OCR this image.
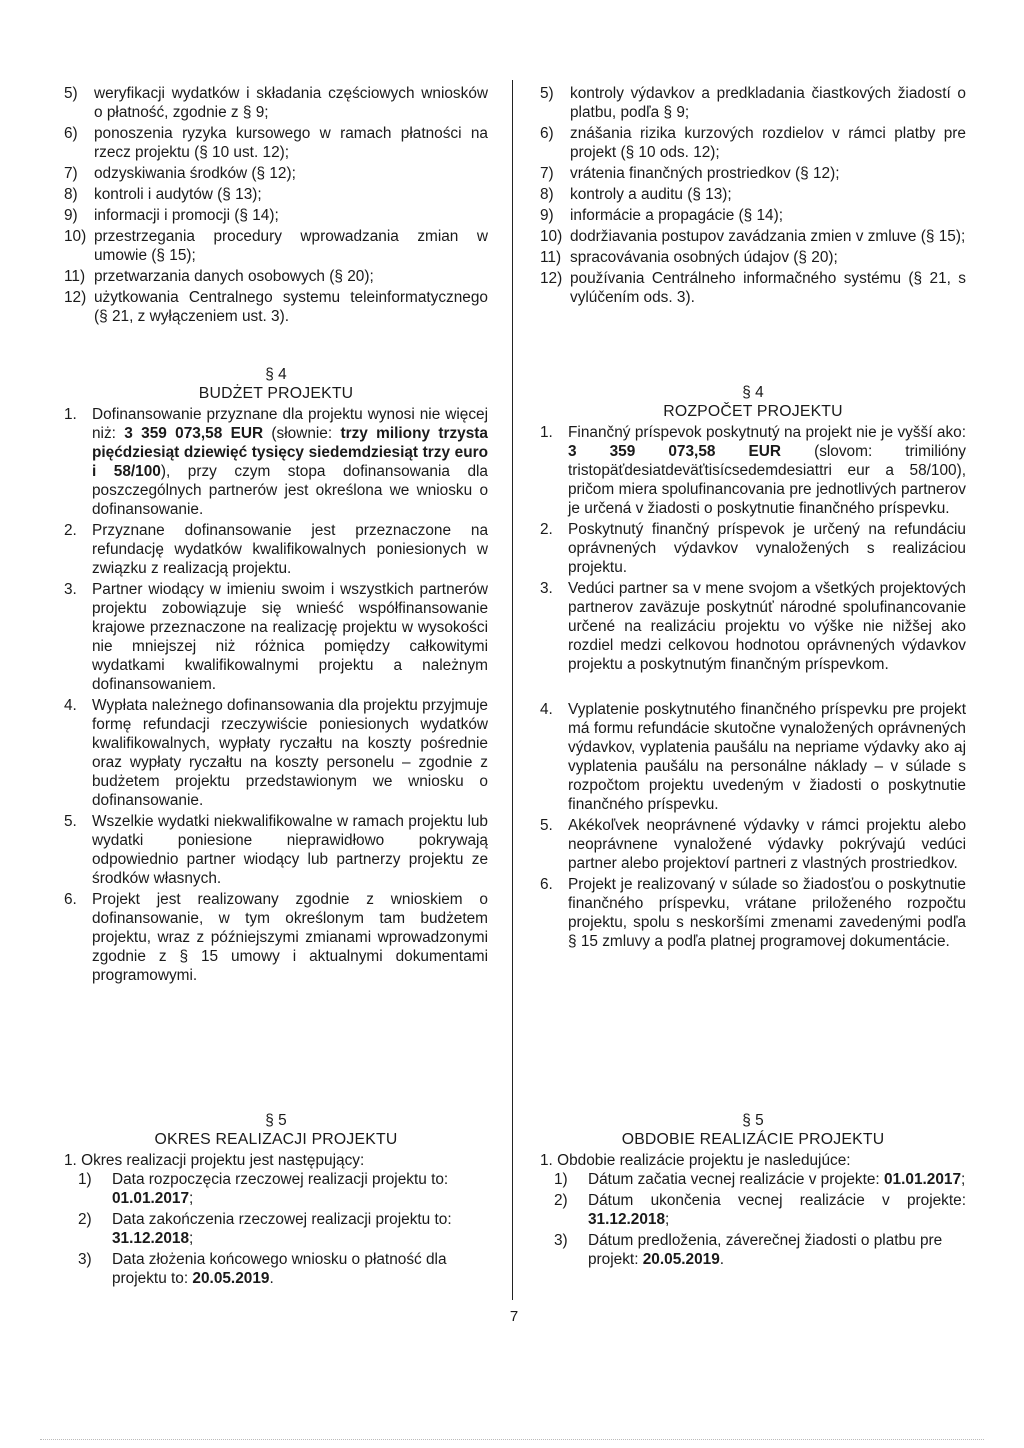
5)	weryfikacji wydatków i składania częściowych wniosków o płatność, zgodnie z § 9;
6)	ponoszenia ryzyka kursowego w ramach płatności na rzecz projektu (§ 10 ust. 12);
7)	odzyskiwania środków (§ 12);
8)	kontroli i audytów (§ 13);
9)	informacji i promocji (§ 14);
10) przestrzegania procedury wprowadzania zmian w umowie (§ 15);
11) przetwarzania danych osobowych (§ 20);
12) użytkowania Centralnego systemu teleinformatycznego (§ 21, z wyłączeniem ust. 3).
§ 4
BUDŻET PROJEKTU
1. Dofinansowanie przyznane dla projektu wynosi nie więcej niż: 3 359 073,58 EUR (słownie: trzy miliony trzysta pięćdziesiąt dziewięć tysięcy siedemdziesiąt trzy euro i 58/100), przy czym stopa dofinansowania dla poszczególnych partnerów jest określona we wniosku o dofinansowanie.
2. Przyznane dofinansowanie jest przeznaczone na refundację wydatków kwalifikowalnych poniesionych w związku z realizacją projektu.
3. Partner wiodący w imieniu swoim i wszystkich partnerów projektu zobowiązuje się wnieść współfinansowanie krajowe przeznaczone na realizację projektu w wysokości nie mniejszej niż różnica pomiędzy całkowitymi wydatkami kwalifikowalnymi projektu a należnym dofinansowaniem.
4. Wypłata należnego dofinansowania dla projektu przyjmuje formę refundacji rzeczywiście poniesionych wydatków kwalifikowalnych, wypłaty ryczałtu na koszty pośrednie oraz wypłaty ryczałtu na koszty personelu – zgodnie z budżetem projektu przedstawionym we wniosku o dofinansowanie.
5. Wszelkie wydatki niekwalifikowalne w ramach projektu lub wydatki poniesione nieprawidłowo pokrywają odpowiednio partner wiodący lub partnerzy projektu ze środków własnych.
6. Projekt jest realizowany zgodnie z wnioskiem o dofinansowanie, w tym określonym tam budżetem projektu, wraz z późniejszymi zmianami wprowadzonymi zgodnie z § 15 umowy i aktualnymi dokumentami programowymi.
§ 5
OKRES REALIZACJI PROJEKTU
1. Okres realizacji projektu jest następujący:
1)	Data rozpoczęcia rzeczowej realizacji projektu to: 01.01.2017;
2)	Data zakończenia rzeczowej realizacji projektu to: 31.12.2018;
3)	Data złożenia końcowego wniosku o płatność dla projektu to: 20.05.2019.
5)	kontroly výdavkov a predkladania čiastkových žiadostí o platbu, podľa § 9;
6)	znášania rizika kurzových rozdielov v rámci platby pre projekt (§ 10 ods. 12);
7)	vrátenia finančných prostriedkov (§ 12);
8)	kontroly a auditu (§ 13);
9)	informácie a propagácie (§ 14);
10) dodržiavania postupov zavádzania zmien v zmluve (§ 15);
11) spracovávania osobných údajov (§ 20);
12) používania Centrálneho informačného systému (§ 21, s vylúčením ods. 3).
§ 4
ROZPOČET PROJEKTU
1. Finančný príspevok poskytnutý na projekt nie je vyšší ako: 3 359 073,58 EUR (slovom: trimilióny tristopäťdesiatdeväťtisícsedemdesiattri eur a 58/100), pričom miera spolufinancovania pre jednotlivých partnerov je určená v žiadosti o poskytnutie finančného príspevku.
2. Poskytnutý finančný príspevok je určený na refundáciu oprávnených výdavkov vynaložených s realizáciou projektu.
3. Vedúci partner sa v mene svojom a všetkých projektových partnerov zaväzuje poskytnúť národné spolufinancovanie určené na realizáciu projektu vo výške nie nižšej ako rozdiel medzi celkovou hodnotou oprávnených výdavkov projektu a poskytnutým finančným príspevkom.
4. Vyplatenie poskytnutého finančného príspevku pre projekt má formu refundácie skutočne vynaložených oprávnených výdavkov, vyplatenia paušálu na nepriame výdavky ako aj vyplatenia paušálu na personálne náklady – v súlade s rozpočtom projektu uvedeným v žiadosti o poskytnutie finančného príspevku.
5. Akékoľvek neoprávnené výdavky v rámci projektu alebo neoprávnene vynaložené výdavky pokrývajú vedúci partner alebo projektoví partneri z vlastných prostriedkov.
6. Projekt je realizovaný v súlade so žiadosťou o poskytnutie finančného príspevku, vrátane priloženého rozpočtu projektu, spolu s neskoršími zmenami zavedenými podľa § 15 zmluvy a podľa platnej programovej dokumentácie.
§ 5
OBDOBIE REALIZÁCIE PROJEKTU
1. Obdobie realizácie projektu je nasledujúce:
1)	Dátum začatia vecnej realizácie v projekte: 01.01.2017;
2)	Dátum ukončenia vecnej realizácie v projekte: 31.12.2018;
3)	Dátum predloženia, záverečnej žiadosti o platbu pre projekt: 20.05.2019.
7
